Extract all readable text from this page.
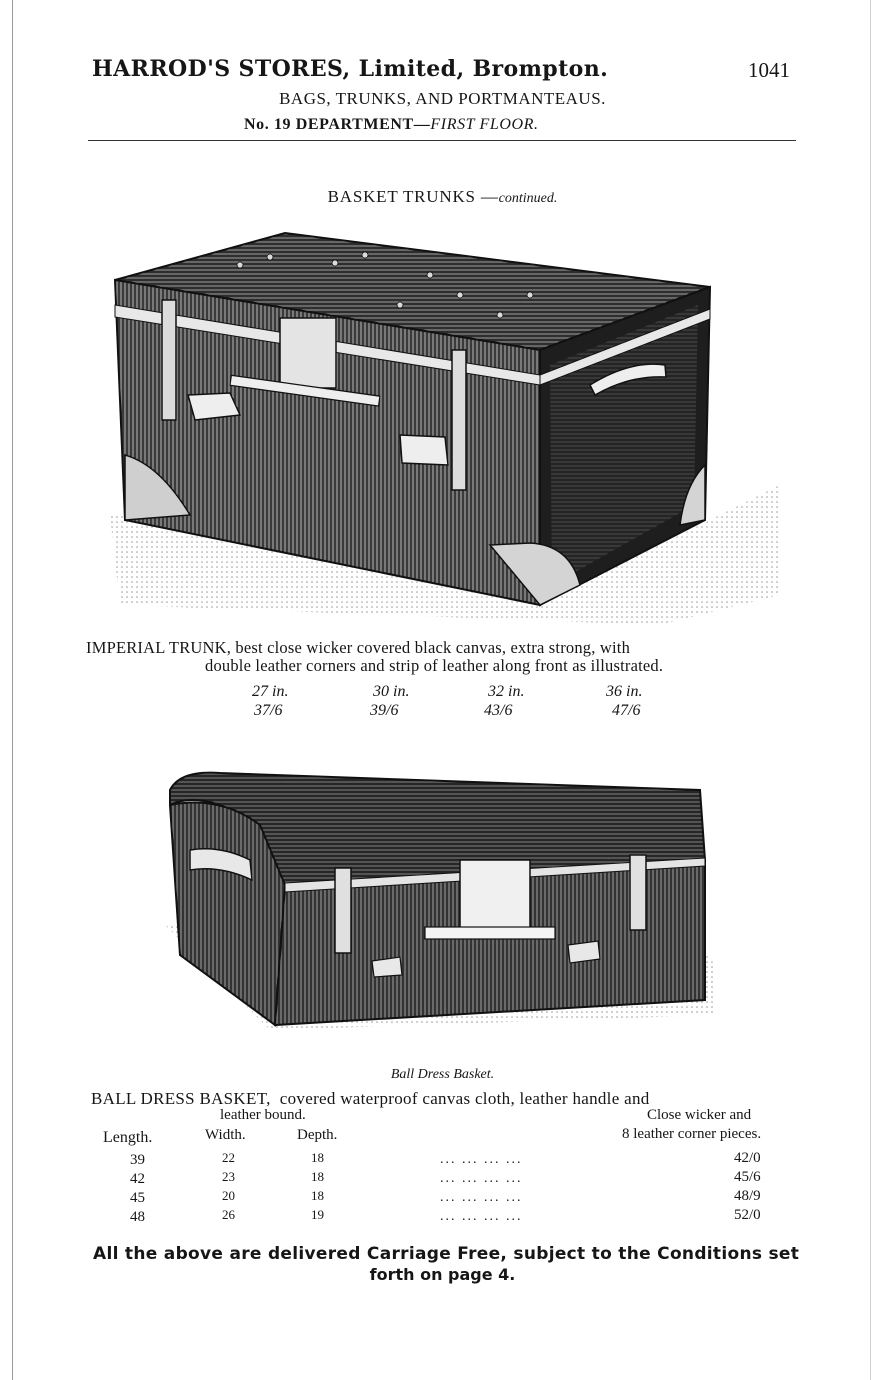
HARROD'S STORES, Limited, Brompton.	1041
BAGS, TRUNKS, AND PORTMANTEAUS.
No. 19 DEPARTMENT—FIRST FLOOR.
BASKET TRUNKS —continued.
IMPERIAL TRUNK, best close wicker covered black canvas, extra strong, with
double leather corners and strip of leather along front as illustrated.
27 in.	30 in.	32 in.	36 in.
37/6	39/6	43/6	47/6
Ball Dress Basket.
BALL DRESS BASKET, covered waterproof canvas cloth, leather handle and
leather bound.	Close wicker and
8 leather corner pieces.
Length.	Width.	Depth.
39	22	18	... ... ... ...	42/0
42	23	18	... ... ... ...	45/6
45	20	18	... ... ... ...	48/9
48	26	19	... ... ... ...	52/0
All the above are delivered Carriage Free, subject to the Conditions set
forth on page 4.
